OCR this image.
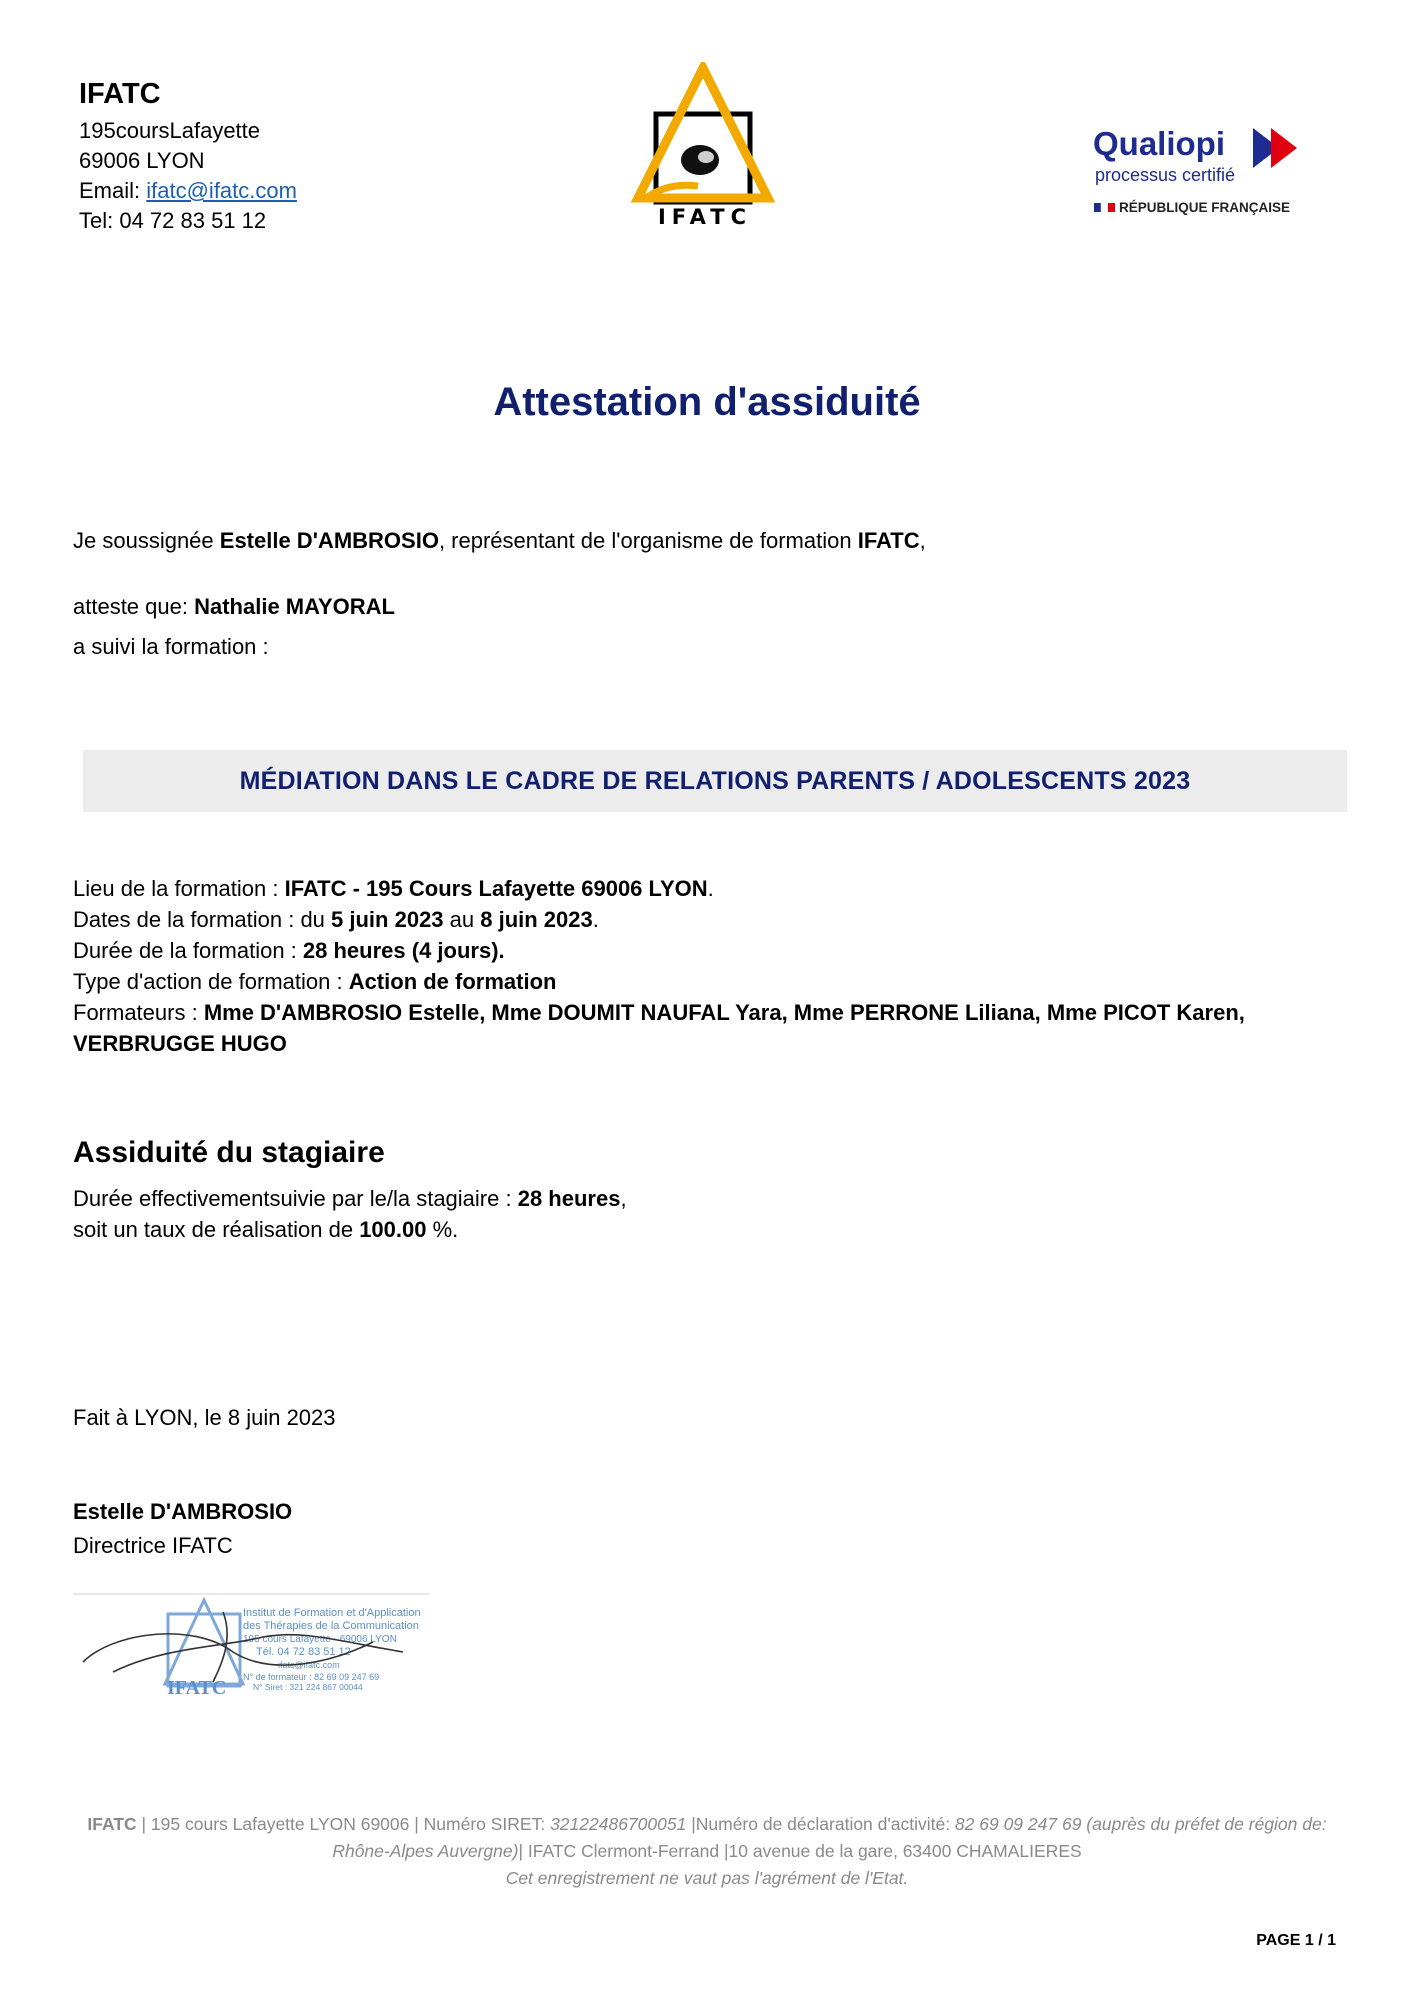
IFATC
195coursLafayette
69006 LYON
Email: ifatc@ifatc.com
Tel: 04 72 83 51 12	IFATC
Qualiopi
processus certifié
RÉPUBLIQUE FRANÇAISE
Attestation d'assiduité
Je soussignée Estelle D'AMBROSIO, représentant de l'organisme de formation IFATC,
atteste que: Nathalie MAYORAL
a suivi la formation :
MÉDIATION DANS LE CADRE DE RELATIONS PARENTS / ADOLESCENTS 2023
Lieu de la formation : IFATC - 195 Cours Lafayette 69006 LYON.
Dates de la formation : du 5 juin 2023 au 8 juin 2023.
Durée de la formation : 28 heures (4 jours).
Type d'action de formation : Action de formation
Formateurs : Mme D'AMBROSIO Estelle, Mme DOUMIT NAUFAL Yara, Mme PERRONE Liliana, Mme PICOT Karen, VERBRUGGE HUGO
Assiduité du stagiaire
Durée effectivementsuivie par le/la stagiaire : 28 heures,
soit un taux de réalisation de 100.00 %.
Fait à LYON, le 8 juin 2023
Estelle D'AMBROSIO
Directrice IFATC
Institut de Formation et d'Application
des Thérapies de la Communication
195 cours Lafayette - 69006 LYON
Tél. 04 72 83 51 12
ifatc@ifatc.com
N° de formateur : 82 69 09 247 69
N° Siret : 321 224 867 00044
IFATC
IFATC | 195 cours Lafayette LYON 69006 | Numéro SIRET: 32122486700051 |Numéro de déclaration d'activité: 82 69 09 247 69 (auprès du préfet de région de: Rhône-Alpes Auvergne)| IFATC Clermont-Ferrand |10 avenue de la gare, 63400 CHAMALIERES
Cet enregistrement ne vaut pas l'agrément de l'Etat.
PAGE 1 / 1
